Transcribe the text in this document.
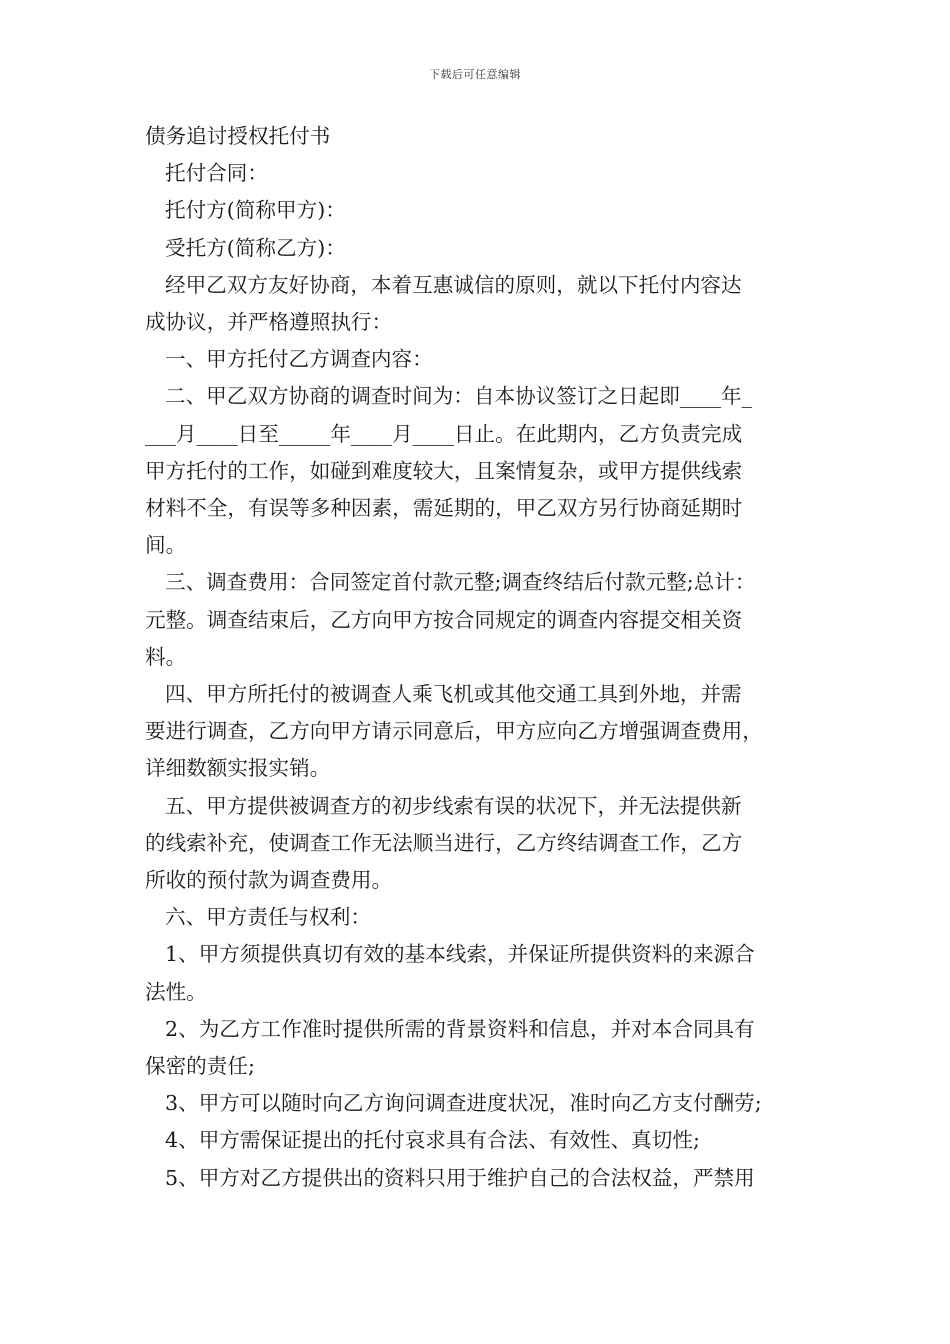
下载后可任意编辑
债务追讨授权托付书
托付合同：
托付方(简称甲方)：
受托方(简称乙方)：
经甲乙双方友好协商，本着互惠诚信的原则，就以下托付内容达
成协议，并严格遵照执行：
一、甲方托付乙方调查内容：
二、甲乙双方协商的调查时间为：自本协议签订之日起即____年_
___月____日至_____年____月____日止。在此期内，乙方负责完成
甲方托付的工作，如碰到难度较大，且案情复杂，或甲方提供线索
材料不全，有误等多种因素，需延期的，甲乙双方另行协商延期时
间。
三、调查费用：合同签定首付款元整;调查终结后付款元整;总计：
元整。调查结束后，乙方向甲方按合同规定的调查内容提交相关资
料。
四、甲方所托付的被调查人乘飞机或其他交通工具到外地，并需
要进行调查，乙方向甲方请示同意后，甲方应向乙方增强调查费用，
详细数额实报实销。
五、甲方提供被调查方的初步线索有误的状况下，并无法提供新
的线索补充，使调查工作无法顺当进行，乙方终结调查工作，乙方
所收的预付款为调查费用。
六、甲方责任与权利：
1、甲方须提供真切有效的基本线索，并保证所提供资料的来源合
法性。
2、为乙方工作准时提供所需的背景资料和信息，并对本合同具有
保密的责任;
3、甲方可以随时向乙方询问调查进度状况，准时向乙方支付酬劳;
4、甲方需保证提出的托付哀求具有合法、有效性、真切性;
5、甲方对乙方提供出的资料只用于维护自己的合法权益，严禁用
